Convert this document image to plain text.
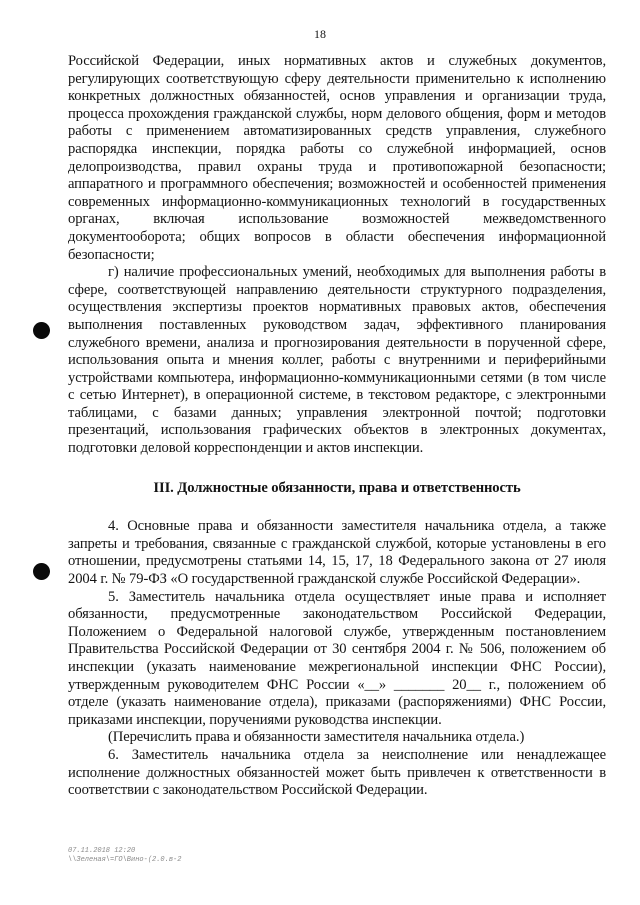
18

Российской Федерации, иных нормативных актов и служебных документов, регулирующих соответствующую сферу деятельности применительно к исполнению конкретных должностных обязанностей, основ управления и организации труда, процесса прохождения гражданской службы, норм делового общения, форм и методов работы с применением автоматизированных средств управления, служебного распорядка инспекции, порядка работы со служебной информацией, основ делопроизводства, правил охраны труда и противопожарной безопасности; аппаратного и программного обеспечения; возможностей и особенностей применения современных информационно-коммуникационных технологий в государственных органах, включая использование возможностей межведомственного документооборота; общих вопросов в области обеспечения информационной безопасности;

г) наличие профессиональных умений, необходимых для выполнения работы в сфере, соответствующей направлению деятельности структурного подразделения, осуществления экспертизы проектов нормативных правовых актов, обеспечения выполнения поставленных руководством задач, эффективного планирования служебного времени, анализа и прогнозирования деятельности в порученной сфере, использования опыта и мнения коллег, работы с внутренними и периферийными устройствами компьютера, информационно-коммуникационными сетями (в том числе с сетью Интернет), в операционной системе, в текстовом редакторе, с электронными таблицами, с базами данных; управления электронной почтой; подготовки презентаций, использования графических объектов в электронных документах, подготовки деловой корреспонденции и актов инспекции.

III. Должностные обязанности, права и ответственность

4. Основные права и обязанности заместителя начальника отдела, а также запреты и требования, связанные с гражданской службой, которые установлены в его отношении, предусмотрены статьями 14, 15, 17, 18 Федерального закона от 27 июля 2004 г. № 79-ФЗ «О государственной гражданской службе Российской Федерации».

5. Заместитель начальника отдела осуществляет иные права и исполняет обязанности, предусмотренные законодательством Российской Федерации, Положением о Федеральной налоговой службе, утвержденным постановлением Правительства Российской Федерации от 30 сентября 2004 г. № 506, положением об инспекции (указать наименование межрегиональной инспекции ФНС России), утвержденным руководителем ФНС России «__» _______ 20__ г., положением об отделе (указать наименование отдела), приказами (распоряжениями) ФНС России, приказами инспекции, поручениями руководства инспекции.

(Перечислить права и обязанности заместителя начальника отдела.)

6. Заместитель начальника отдела за неисполнение или ненадлежащее исполнение должностных обязанностей может быть привлечен к ответственности в соответствии с законодательством Российской Федерации.

07.11.2018 12:20
\\Зеленая\=ГО\Вино-(2.0.в-2
